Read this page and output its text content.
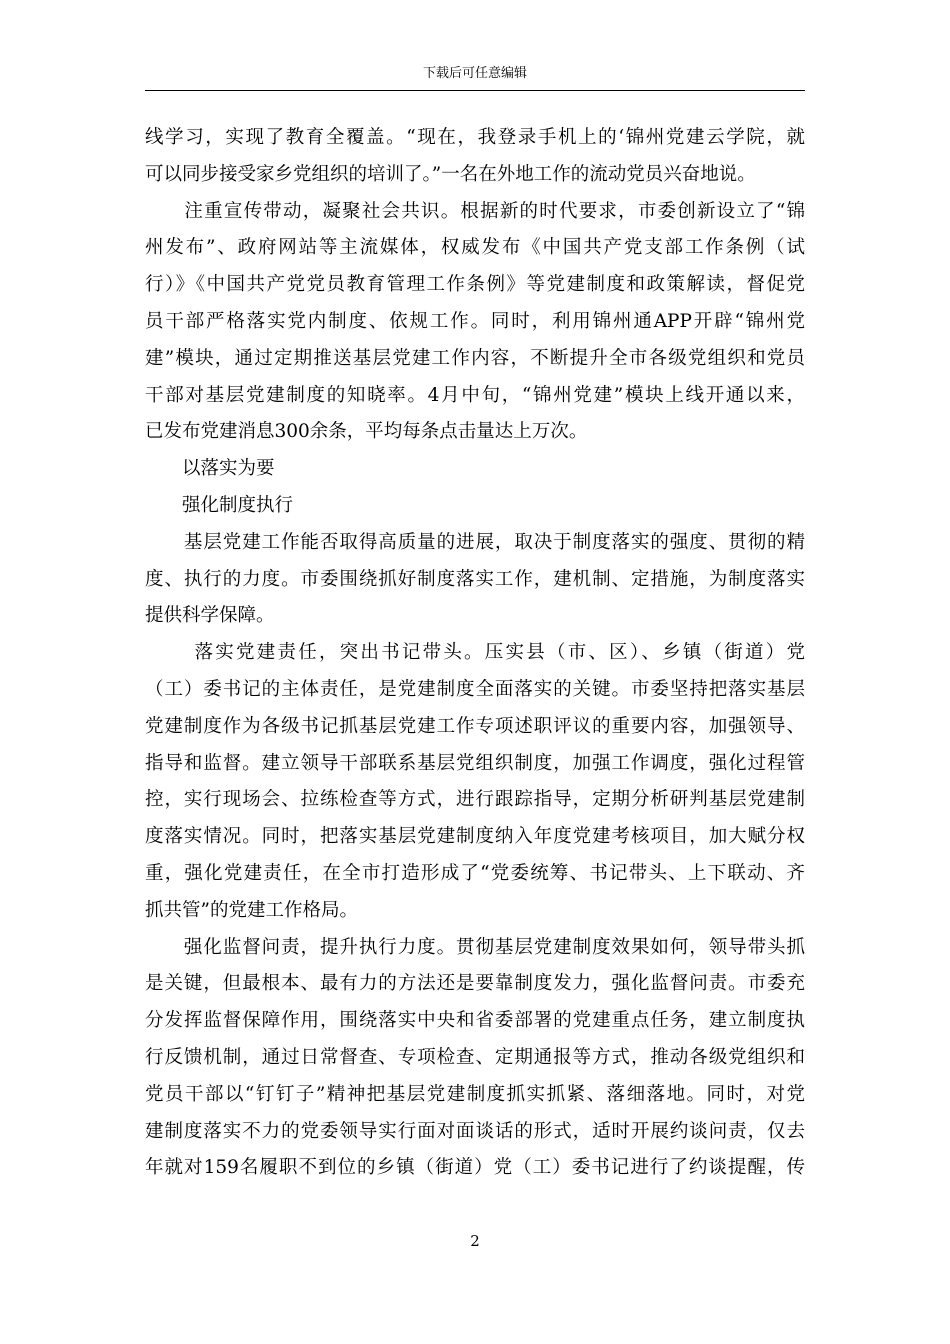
下载后可任意编辑
线学习，实现了教育全覆盖。“现在，我登录手机上的‘锦州党建云学院，就
可以同步接受家乡党组织的培训了。”一名在外地工作的流动党员兴奋地说。
　　注重宣传带动，凝聚社会共识。根据新的时代要求，市委创新设立了“锦
州发布”、政府网站等主流媒体，权威发布《中国共产党支部工作条例（试
行）》《中国共产党党员教育管理工作条例》等党建制度和政策解读，督促党
员干部严格落实党内制度、依规工作。同时，利用锦州通APP开辟“锦州党
建”模块，通过定期推送基层党建工作内容，不断提升全市各级党组织和党员
干部对基层党建制度的知晓率。4月中旬，“锦州党建”模块上线开通以来，
已发布党建消息300余条，平均每条点击量达上万次。
　　以落实为要
　　强化制度执行
　　基层党建工作能否取得高质量的进展，取决于制度落实的强度、贯彻的精
度、执行的力度。市委围绕抓好制度落实工作，建机制、定措施，为制度落实
提供科学保障。
　　 落实党建责任，突出书记带头。压实县（市、区）、乡镇（街道）党
（工）委书记的主体责任，是党建制度全面落实的关键。市委坚持把落实基层
党建制度作为各级书记抓基层党建工作专项述职评议的重要内容，加强领导、
指导和监督。建立领导干部联系基层党组织制度，加强工作调度，强化过程管
控，实行现场会、拉练检查等方式，进行跟踪指导，定期分析研判基层党建制
度落实情况。同时，把落实基层党建制度纳入年度党建考核项目，加大赋分权
重，强化党建责任，在全市打造形成了“党委统筹、书记带头、上下联动、齐
抓共管”的党建工作格局。
　　强化监督问责，提升执行力度。贯彻基层党建制度效果如何，领导带头抓
是关键，但最根本、最有力的方法还是要靠制度发力，强化监督问责。市委充
分发挥监督保障作用，围绕落实中央和省委部署的党建重点任务，建立制度执
行反馈机制，通过日常督查、专项检查、定期通报等方式，推动各级党组织和
党员干部以“钉钉子”精神把基层党建制度抓实抓紧、落细落地。同时，对党
建制度落实不力的党委领导实行面对面谈话的形式，适时开展约谈问责，仅去
年就对159名履职不到位的乡镇（街道）党（工）委书记进行了约谈提醒，传
2
